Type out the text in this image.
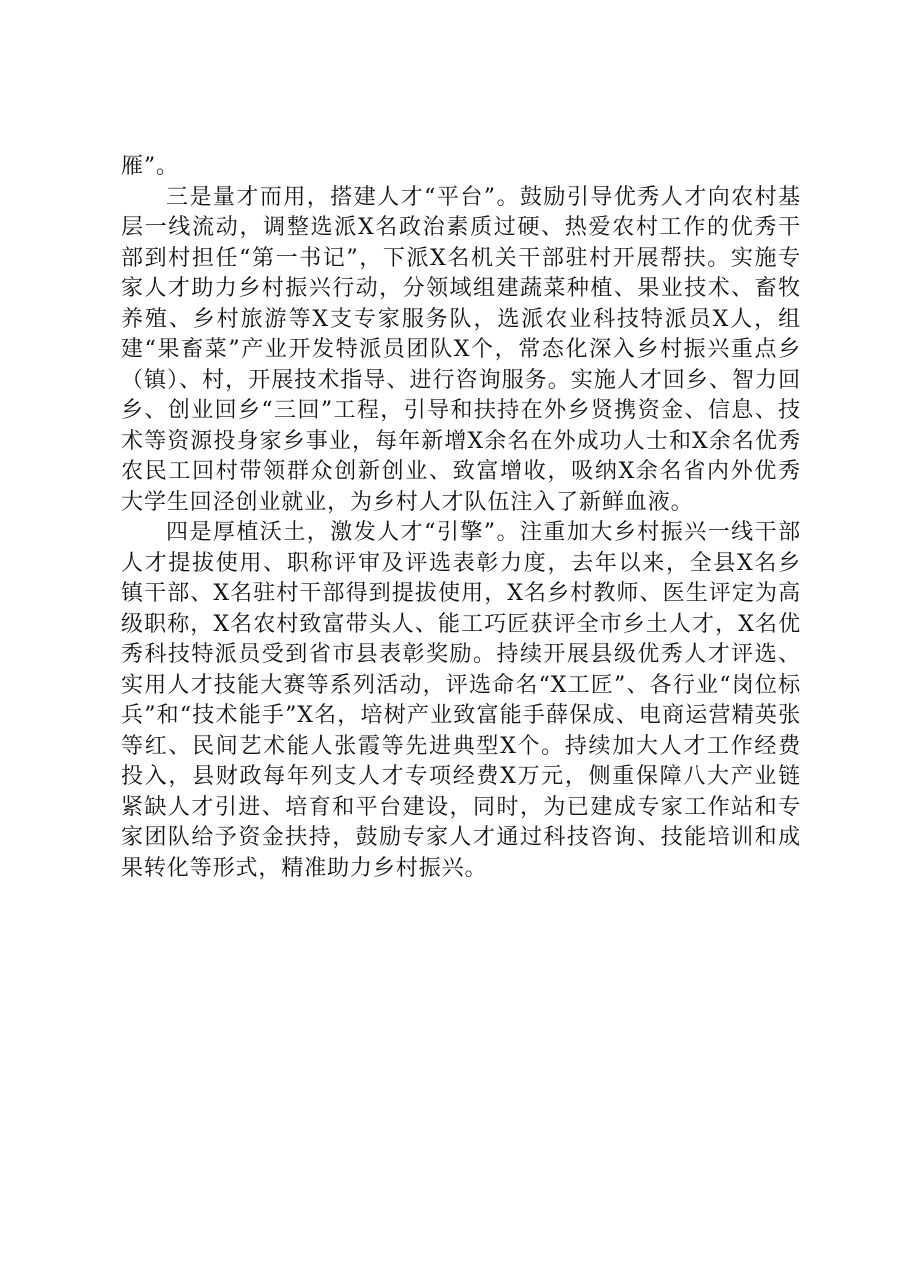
雁”。

三是量才而用，搭建人才“平台”。鼓励引导优秀人才向农村基层一线流动，调整选派X名政治素质过硬、热爱农村工作的优秀干部到村担任“第一书记”，下派X名机关干部驻村开展帮扶。实施专家人才助力乡村振兴行动，分领域组建蔬菜种植、果业技术、畜牧养殖、乡村旅游等X支专家服务队，选派农业科技特派员X人，组建“果畜菜”产业开发特派员团队X个，常态化深入乡村振兴重点乡（镇）、村，开展技术指导、进行咨询服务。实施人才回乡、智力回乡、创业回乡“三回”工程，引导和扶持在外乡贤携资金、信息、技术等资源投身家乡事业，每年新增X余名在外成功人士和X余名优秀农民工回村带领群众创新创业、致富增收，吸纳X余名省内外优秀大学生回泾创业就业，为乡村人才队伍注入了新鲜血液。

四是厚植沃土，激发人才“引擎”。注重加大乡村振兴一线干部人才提拔使用、职称评审及评选表彰力度，去年以来，全县X名乡镇干部、X名驻村干部得到提拔使用，X名乡村教师、医生评定为高级职称，X名农村致富带头人、能工巧匠获评全市乡土人才，X名优秀科技特派员受到省市县表彰奖励。持续开展县级优秀人才评选、实用人才技能大赛等系列活动，评选命名“X工匠”、各行业“岗位标兵”和“技术能手”X名，培树产业致富能手薛保成、电商运营精英张等红、民间艺术能人张霞等先进典型X个。持续加大人才工作经费投入，县财政每年列支人才专项经费X万元，侧重保障八大产业链紧缺人才引进、培育和平台建设，同时，为已建成专家工作站和专家团队给予资金扶持，鼓励专家人才通过科技咨询、技能培训和成果转化等形式，精准助力乡村振兴。
